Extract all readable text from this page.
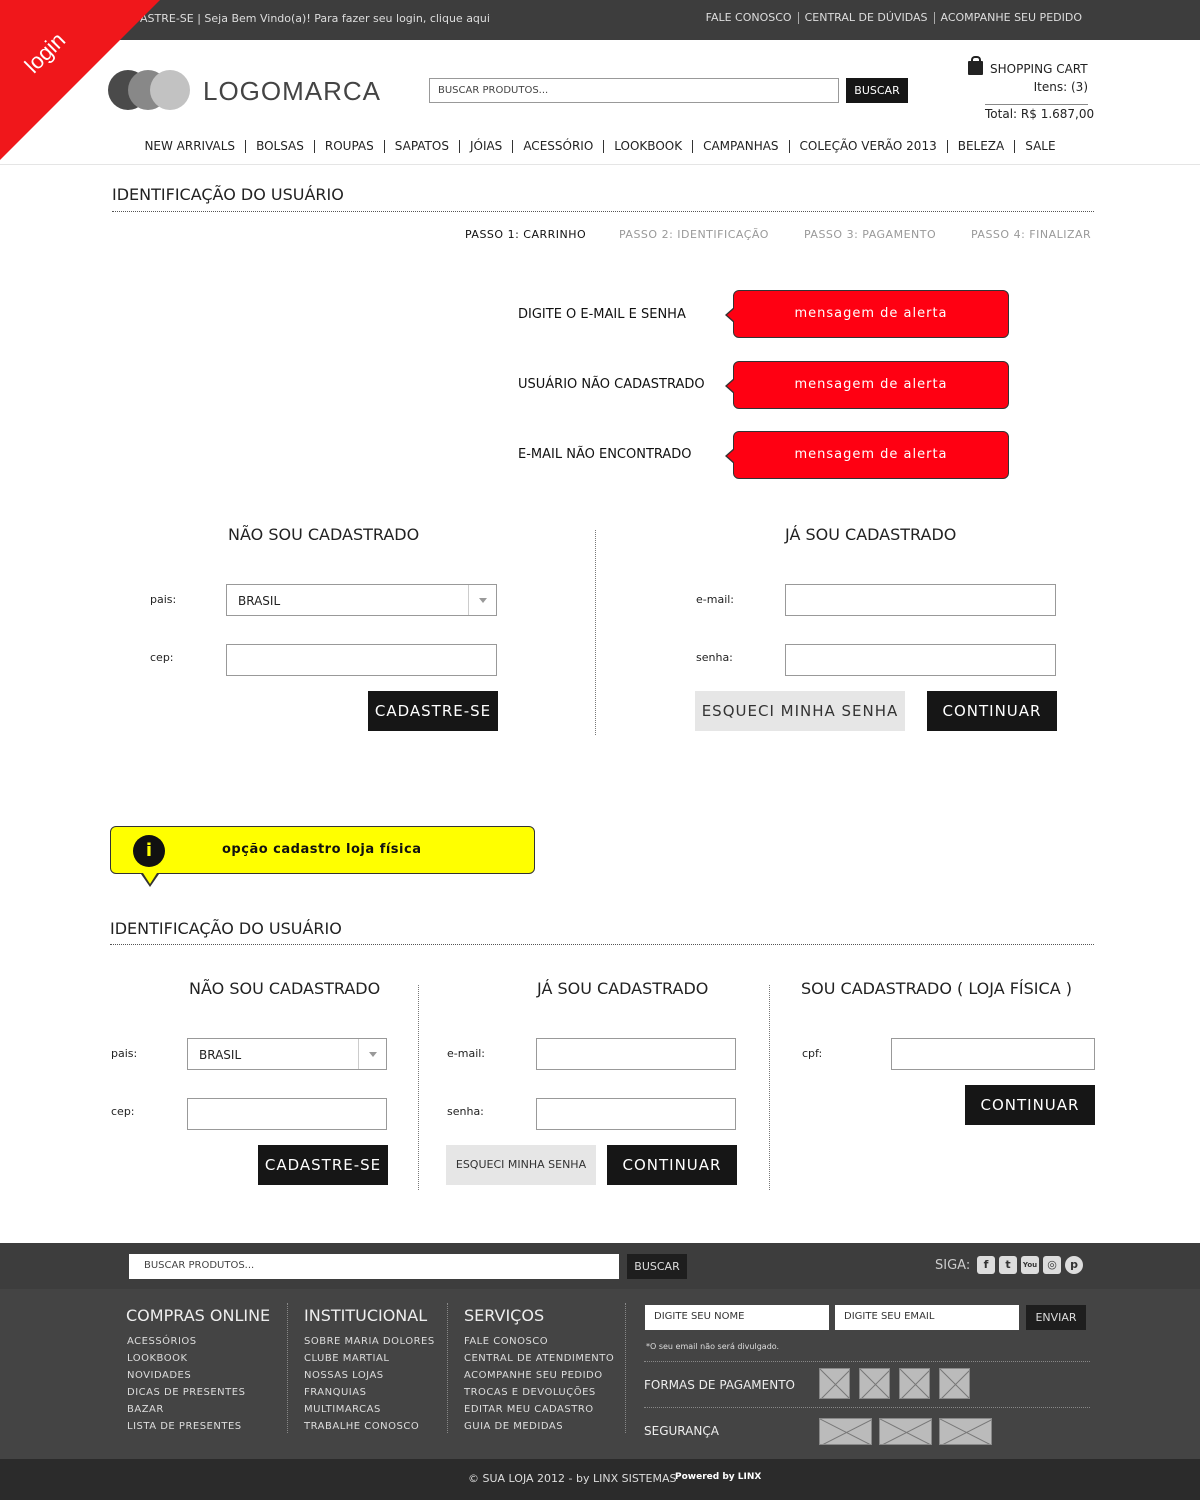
ASTRE-SE | Seja Bem Vindo(a)! Para fazer seu login, clique aqui	FALE CONOSCO	CENTRAL DE DÚVIDAS	ACOMPANHE SEU PEDIDO
login
LOGOMARCA	BUSCAR PRODUTOS...	BUSCAR
SHOPPING CART
Itens: (3)
Total: R$ 1.687,00
NEW ARRIVALS	BOLSAS	ROUPAS	SAPATOS	JÓIAS	ACESSÓRIO	LOOKBOOK	CAMPANHAS	COLEÇÃO VERÃO 2013	BELEZA	SALE
IDENTIFICAÇÃO DO USUÁRIO
PASSO 1: CARRINHO	PASSO 2: IDENTIFICAÇÃO	PASSO 3: PAGAMENTO	PASSO 4: FINALIZAR
DIGITE O E-MAIL E SENHA	mensagem de alerta
USUÁRIO NÃO CADASTRADO	mensagem de alerta
E-MAIL NÃO ENCONTRADO	mensagem de alerta
NÃO SOU CADASTRADO
pais:	BRASIL
cep:
CADASTRE-SE
JÁ SOU CADASTRADO
e-mail:
senha:
ESQUECI MINHA SENHA	CONTINUAR
i	opção cadastro loja física
IDENTIFICAÇÃO DO USUÁRIO
NÃO SOU CADASTRADO
pais:	BRASIL
cep:
CADASTRE-SE
JÁ SOU CADASTRADO
e-mail:
senha:
ESQUECI MINHA SENHA	CONTINUAR
SOU CADASTRADO ( LOJA FÍSICA )
cpf:
CONTINUAR
BUSCAR PRODUTOS...	BUSCAR	SIGA:	f	t	You ◎	p
COMPRAS ONLINE
ACESSÓRIOS
LOOKBOOK
NOVIDADES
DICAS DE PRESENTES
BAZAR
LISTA DE PRESENTES
INSTITUCIONAL
SOBRE MARIA DOLORES
CLUBE MARTIAL
NOSSAS LOJAS
FRANQUIAS
MULTIMARCAS
TRABALHE CONOSCO
SERVIÇOS
FALE CONOSCO
CENTRAL DE ATENDIMENTO
ACOMPANHE SEU PEDIDO
TROCAS E DEVOLUÇÕES
EDITAR MEU CADASTRO
GUIA DE MEDIDAS
DIGITE SEU NOME	DIGITE SEU EMAIL	ENVIAR
*O seu email não será divulgado.
FORMAS DE PAGAMENTO
SEGURANÇA
© SUA LOJA 2012 - by LINX SISTEMAS
Powered by LINX
